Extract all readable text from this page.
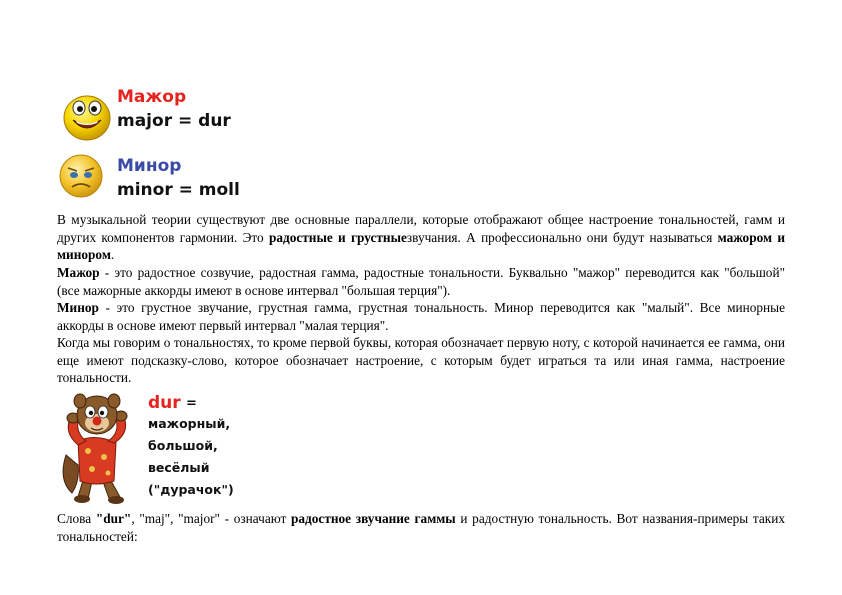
Мажор
major = dur
Минор
minor = moll
В музыкальной теории существуют две основные параллели, которые отображают общее настроение тональностей, гамм и других компонентов гармонии. Это радостные и грустныезвучания. А профессионально они будут называться мажором и минором.
Мажор - это радостное созвучие, радостная гамма, радостные тональности. Буквально "мажор" переводится как "большой" (все мажорные аккорды имеют в основе интервал "большая терция").
Минор - это грустное звучание, грустная гамма, грустная тональность. Минор переводится как "малый". Все минорные аккорды в основе имеют первый интервал "малая терция".
Когда мы говорим о тональностях, то кроме первой буквы, которая обозначает первую ноту, с которой начинается ее гамма, они еще имеют подсказку-слово, которое обозначает настроение, с которым будет играться та или иная гамма, настроение тональности.
dur =
мажорный,
большой,
весёлый
("дурачок")
Слова "dur", "maj", "major" - означают радостное звучание гаммы и радостную тональность. Вот названия-примеры таких тональностей:
